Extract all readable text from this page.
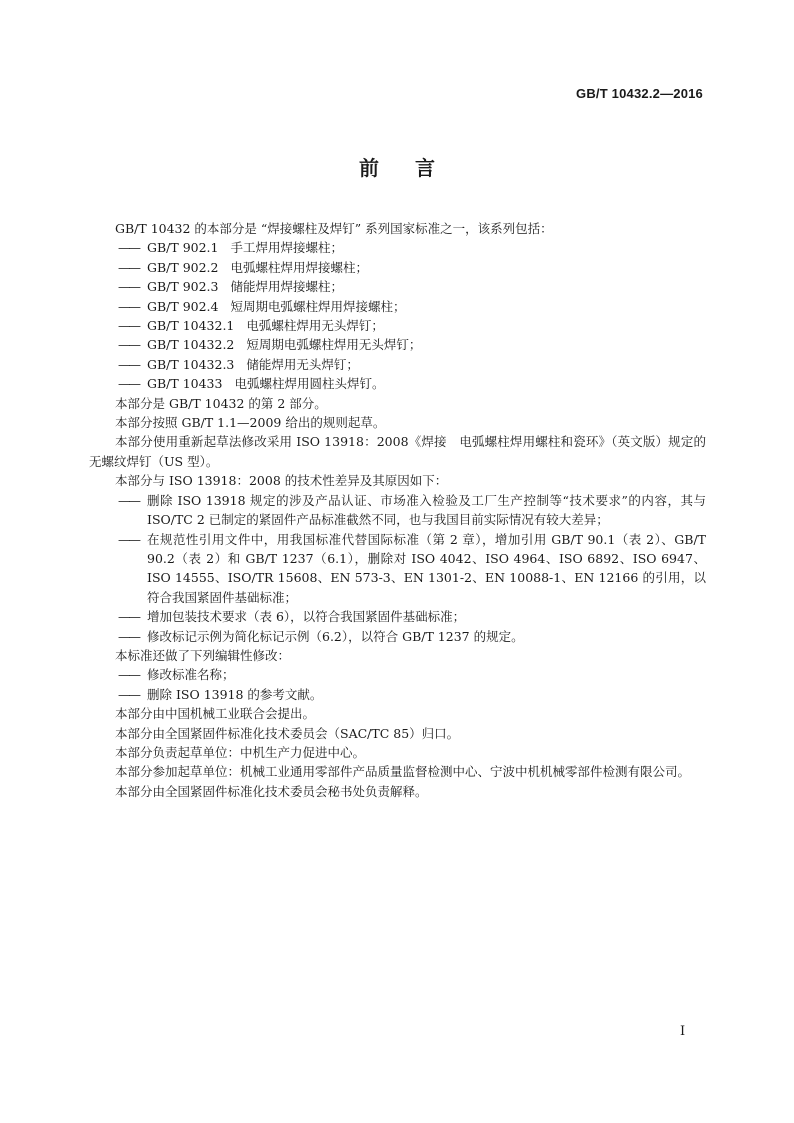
GB/T 10432.2—2016
前言

GB/T 10432 的本部分是 “焊接螺柱及焊钉” 系列国家标准之一，该系列包括：

—— GB/T 902.1 手工焊用焊接螺柱；

—— GB/T 902.2 电弧螺柱焊用焊接螺柱；

—— GB/T 902.3 储能焊用焊接螺柱；

—— GB/T 902.4 短周期电弧螺柱焊用焊接螺柱；

—— GB/T 10432.1 电弧螺柱焊用无头焊钉；

—— GB/T 10432.2 短周期电弧螺柱焊用无头焊钉；

—— GB/T 10432.3 储能焊用无头焊钉；

—— GB/T 10433 电弧螺柱焊用圆柱头焊钉。

本部分是 GB/T 10432 的第 2 部分。

本部分按照 GB/T 1.1—2009 给出的规则起草。

本部分使用重新起草法修改采用 ISO 13918：2008《焊接　电弧螺柱焊用螺柱和瓷环》（英文版）规定的无螺纹焊钉（US 型）。

本部分与 ISO 13918：2008 的技术性差异及其原因如下：

—— 删除 ISO 13918 规定的涉及产品认证、市场准入检验及工厂生产控制等“技术要求”的内容，其与 ISO/TC 2 已制定的紧固件产品标准截然不同，也与我国目前实际情况有较大差异；

—— 在规范性引用文件中，用我国标准代替国际标准（第 2 章），增加引用 GB/T 90.1（表 2）、GB/T 90.2（表 2）和 GB/T 1237（6.1），删除对 ISO 4042、ISO 4964、ISO 6892、ISO 6947、ISO 14555、ISO/TR 15608、EN 573-3、EN 1301-2、EN 10088-1、EN 12166 的引用，以符合我国紧固件基础标准；

—— 增加包装技术要求（表 6），以符合我国紧固件基础标准；

—— 修改标记示例为简化标记示例（6.2），以符合 GB/T 1237 的规定。

本标准还做了下列编辑性修改：

—— 修改标准名称；

—— 删除 ISO 13918 的参考文献。

本部分由中国机械工业联合会提出。

本部分由全国紧固件标准化技术委员会（SAC/TC 85）归口。

本部分负责起草单位：中机生产力促进中心。

本部分参加起草单位：机械工业通用零部件产品质量监督检测中心、宁波中机机械零部件检测有限公司。

本部分由全国紧固件标准化技术委员会秘书处负责解释。

I
